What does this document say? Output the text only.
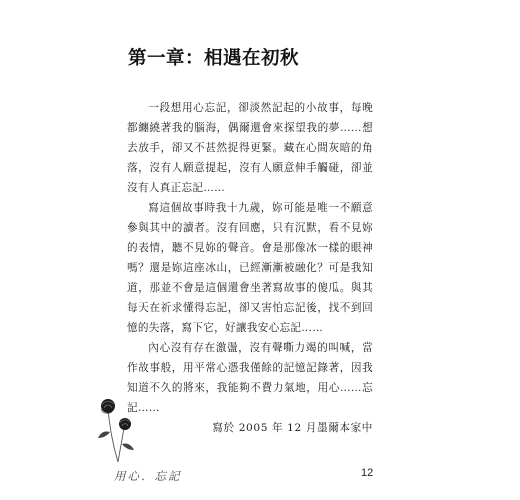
第一章：相遇在初秋

一段想用心忘記，卻淡然記起的小故事，每晚都纏繞著我的腦海，偶爾還會來探望我的夢……想去放手，卻又不甚然捉得更緊。藏在心間灰暗的角落，沒有人願意提起，沒有人願意伸手觸碰，卻並沒有人真正忘記……

寫這個故事時我十九歲，妳可能是唯一不願意參與其中的讀者。沒有回應，只有沉默，看不見妳的表情，聽不見妳的聲音。會是那像冰一樣的眼神嗎？還是妳這座冰山，已經漸漸被融化？可是我知道，那並不會是這個還會坐著寫故事的傻瓜。與其每天在祈求懂得忘記，卻又害怕忘記後，找不到回憶的失落，寫下它，好讓我安心忘記……

內心沒有存在激盪，沒有聲嘶力竭的叫喊，當作故事般，用平常心憑我僅餘的記憶記錄著，因我知道不久的將來，我能夠不費力氣地，用心……忘記……

寫於 2005 年 12 月墨爾本家中

用心．忘記	12
